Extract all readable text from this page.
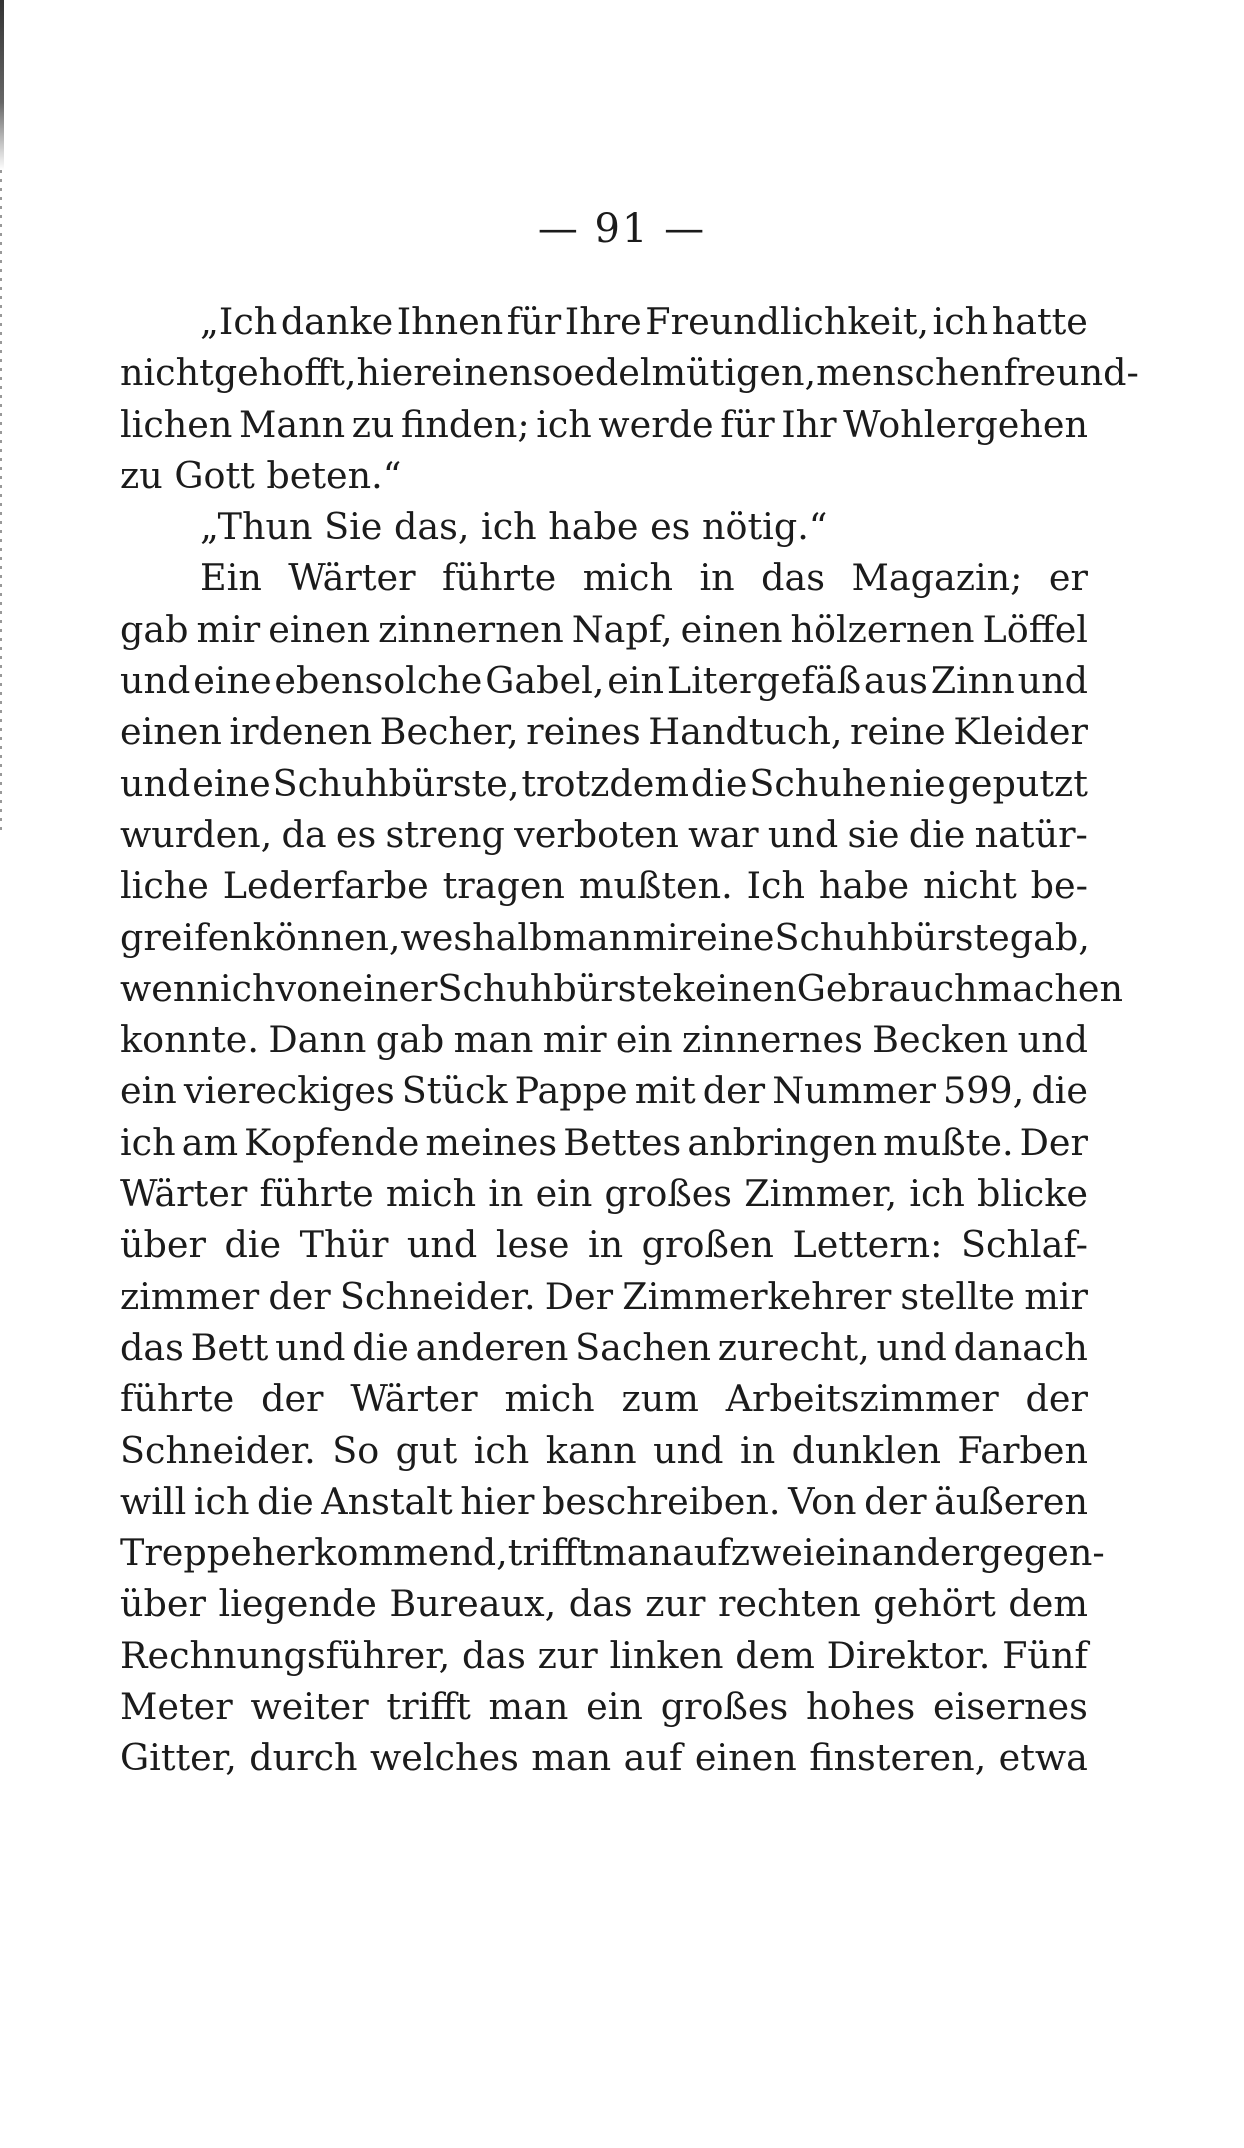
— 91 —
„Ich danke Ihnen für Ihre Freundlichkeit, ich hatte
nicht gehofft, hier einen so edelmütigen, menschenfreund-
lichen Mann zu finden; ich werde für Ihr Wohlergehen
zu Gott beten.“
„Thun Sie das, ich habe es nötig.“
Ein Wärter führte mich in das Magazin; er
gab mir einen zinnernen Napf, einen hölzernen Löffel
und eine ebensolche Gabel, ein Litergefäß aus Zinn und
einen irdenen Becher, reines Handtuch, reine Kleider
und eine Schuhbürste, trotzdem die Schuhe nie geputzt
wurden, da es streng verboten war und sie die natür-
liche Lederfarbe tragen mußten. Ich habe nicht be-
greifen können, weshalb man mir eine Schuhbürste gab,
wenn ich von einer Schuhbürste keinen Gebrauch machen
konnte. Dann gab man mir ein zinnernes Becken und
ein viereckiges Stück Pappe mit der Nummer 599, die
ich am Kopfende meines Bettes anbringen mußte. Der
Wärter führte mich in ein großes Zimmer, ich blicke
über die Thür und lese in großen Lettern: Schlaf-
zimmer der Schneider. Der Zimmerkehrer stellte mir
das Bett und die anderen Sachen zurecht, und danach
führte der Wärter mich zum Arbeitszimmer der
Schneider. So gut ich kann und in dunklen Farben
will ich die Anstalt hier beschreiben. Von der äußeren
Treppe herkommend, trifft man auf zwei einander gegen-
über liegende Bureaux, das zur rechten gehört dem
Rechnungsführer, das zur linken dem Direktor. Fünf
Meter weiter trifft man ein großes hohes eisernes
Gitter, durch welches man auf einen finsteren, etwa
